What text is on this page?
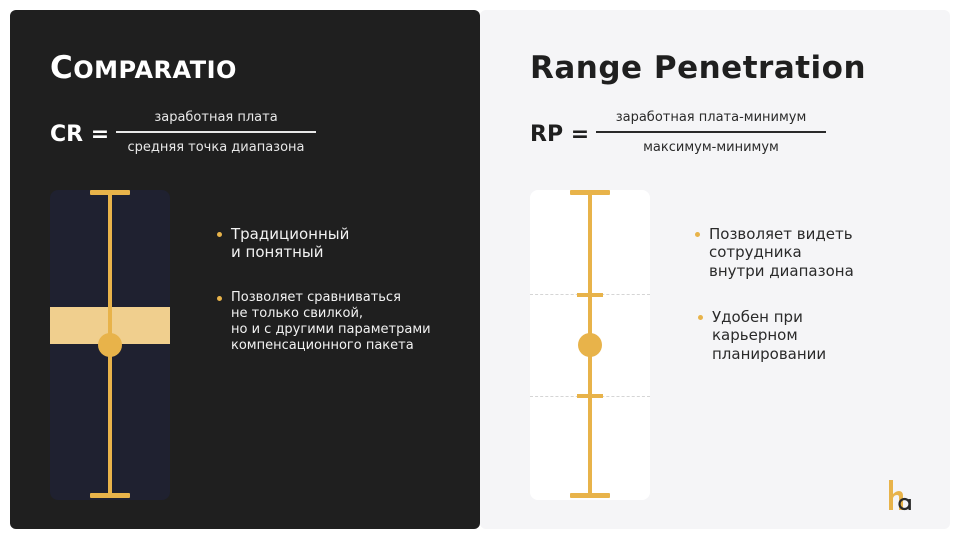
COMPARATIO
CR =
заработная плата
средняя точка диапазона
Традиционный
и понятный
Позволяет сравниваться
не только свилкой,
но и с другими параметрами
компенсационного пакета
Range Penetration
RP =
заработная плата-минимум
максимум-минимум
Позволяет видеть
сотрудника
внутри диапазона
Удобен при
карьерном
планировании
